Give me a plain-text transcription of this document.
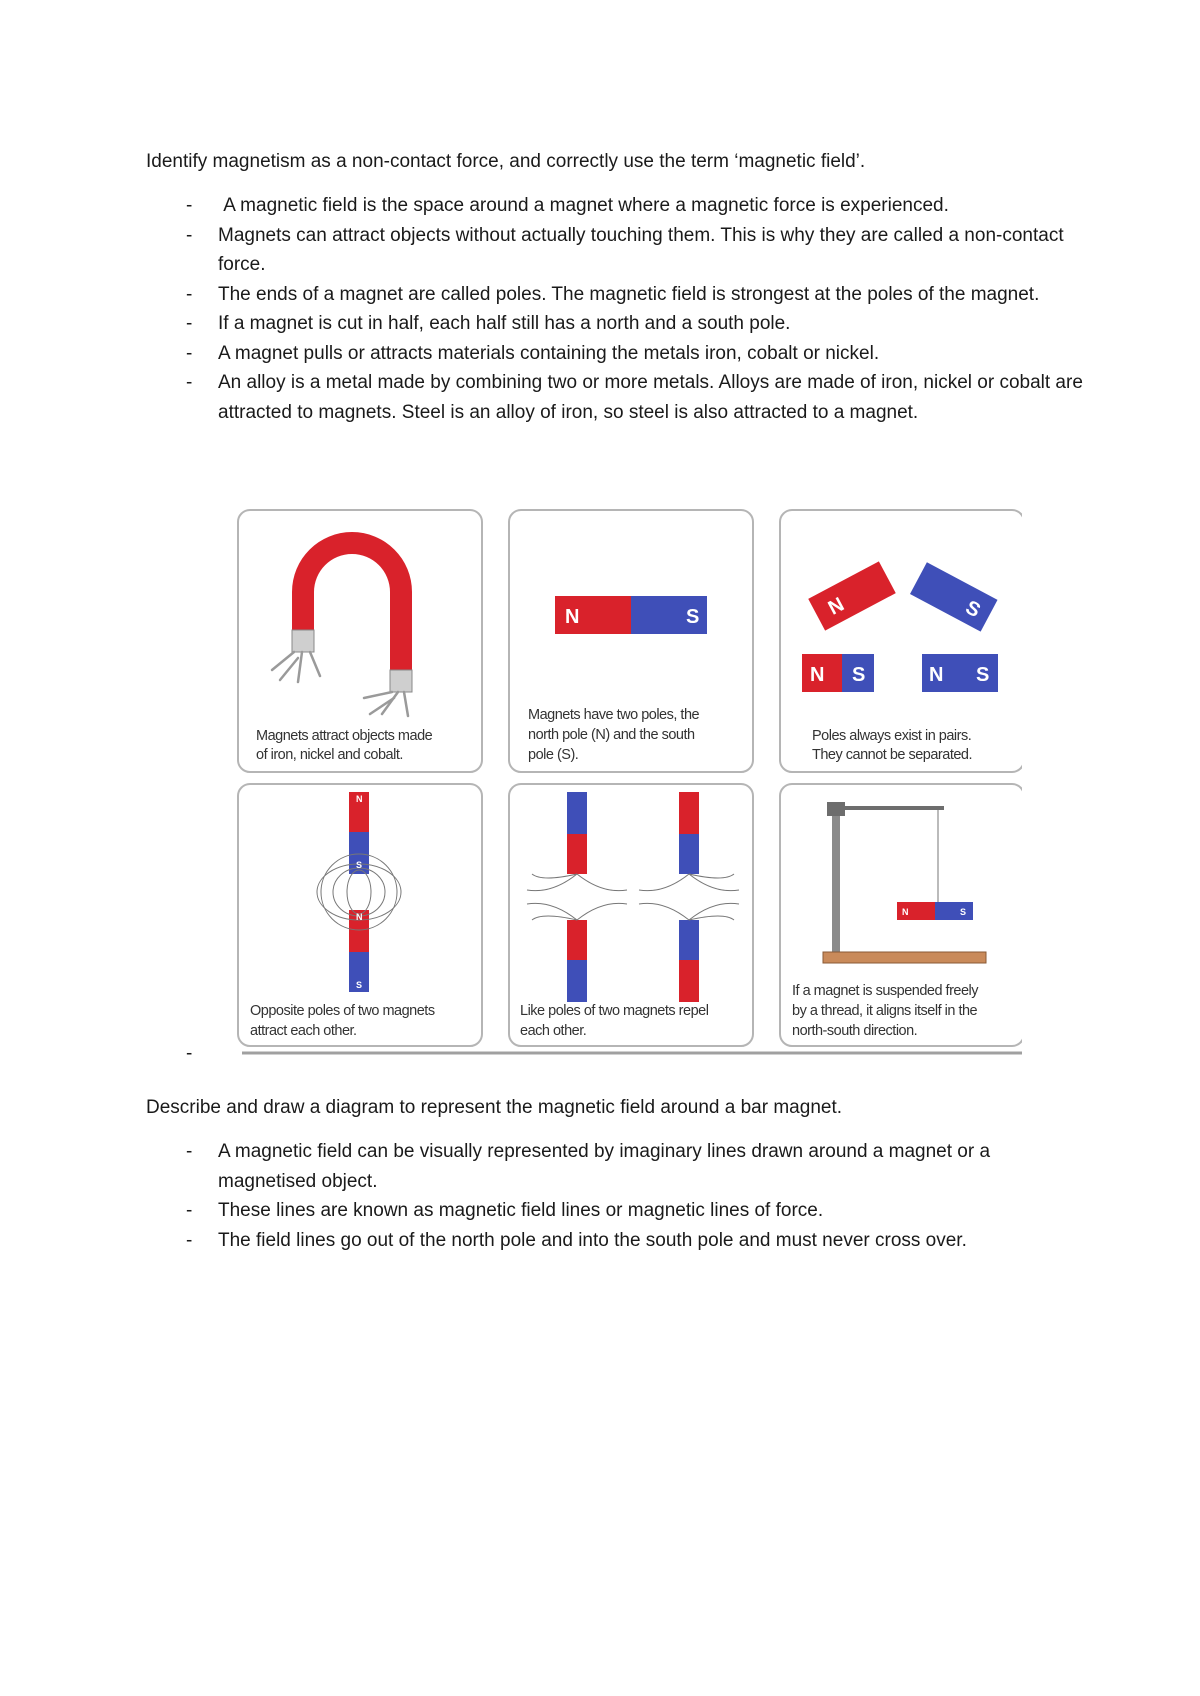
Identify magnetism as a non-contact force, and correctly use the term ‘magnetic field’.
- A magnetic field is the space around a magnet where a magnetic force is experienced.
- Magnets can attract objects without actually touching them. This is why they are called a non-contact force.
- The ends of a magnet are called poles. The magnetic field is strongest at the poles of the magnet.
- If a magnet is cut in half, each half still has a north and a south pole.
- A magnet pulls or attracts materials containing the metals iron, cobalt or nickel.
- An alloy is a metal made by combining two or more metals. Alloys are made of iron, nickel or cobalt are attracted to magnets. Steel is an alloy of iron, so steel is also attracted to a magnet.
Magnets attract objects made
of iron, nickel and cobalt.
N	S
Magnets have two poles, the
north pole (N) and the south
pole (S).
N	S
N S	N S
Poles always exist in pairs.
They cannot be separated.
N
S
N
S
Opposite poles of two magnets
attract each other.
Like poles of two magnets repel
each other.
N	S
If a magnet is suspended freely
by a thread, it aligns itself in the
north-south direction.
-
Describe and draw a diagram to represent the magnetic field around a bar magnet.
- A magnetic field can be visually represented by imaginary lines drawn around a magnet or a magnetised object.
- These lines are known as magnetic field lines or magnetic lines of force.
- The field lines go out of the north pole and into the south pole and must never cross over.
